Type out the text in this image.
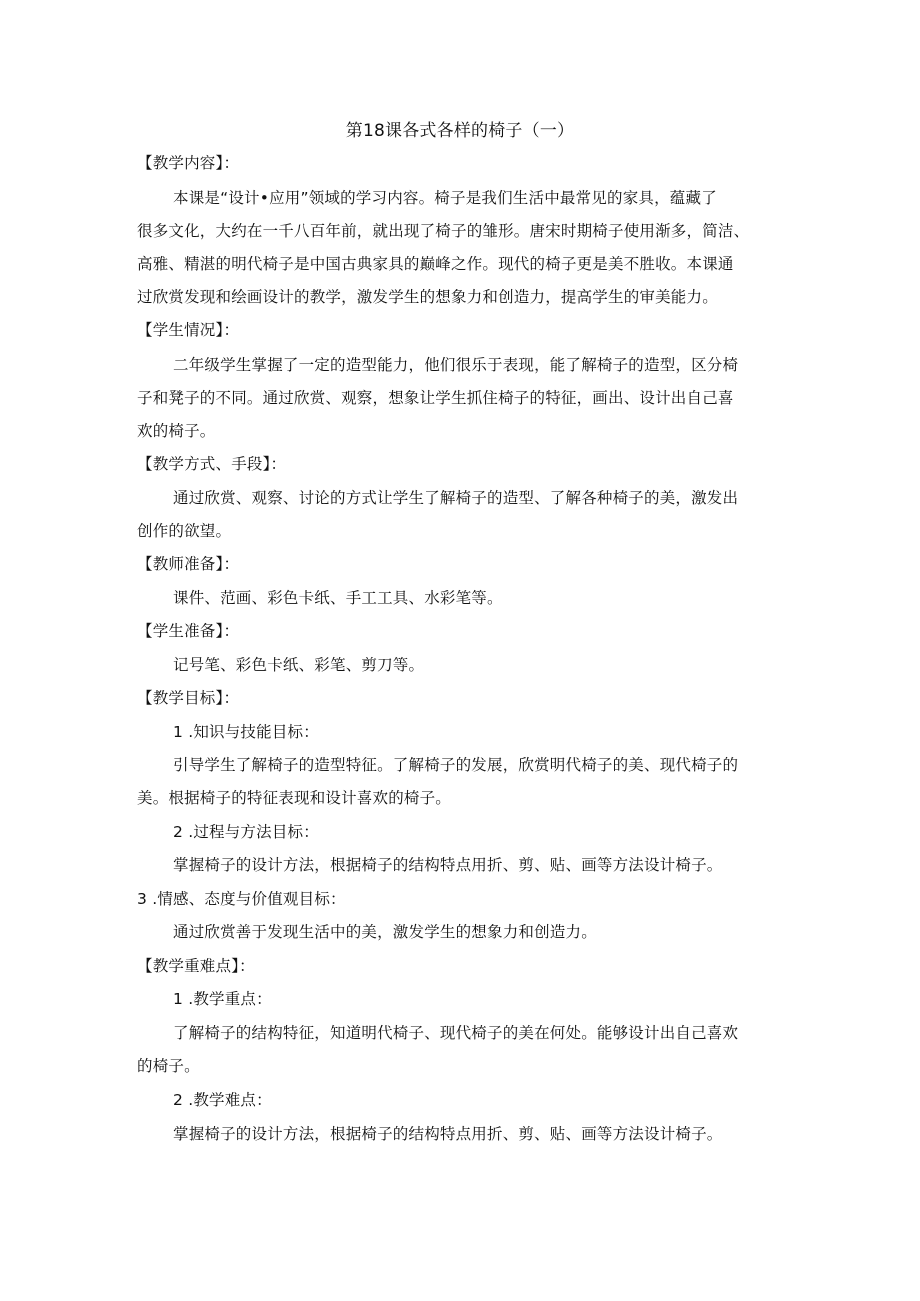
第18课各式各样的椅子（一）
【教学内容】：
本课是“设计•应用”领域的学习内容。椅子是我们生活中最常见的家具，蕴藏了
很多文化，大约在一千八百年前，就出现了椅子的雏形。唐宋时期椅子使用渐多，简洁、
高雅、精湛的明代椅子是中国古典家具的巅峰之作。现代的椅子更是美不胜收。本课通
过欣赏发现和绘画设计的教学，激发学生的想象力和创造力，提高学生的审美能力。
【学生情况】：
二年级学生掌握了一定的造型能力，他们很乐于表现，能了解椅子的造型，区分椅
子和凳子的不同。通过欣赏、观察，想象让学生抓住椅子的特征，画出、设计出自己喜
欢的椅子。
【教学方式、手段】：
通过欣赏、观察、讨论的方式让学生了解椅子的造型、了解各种椅子的美，激发出
创作的欲望。
【教师准备】：
课件、范画、彩色卡纸、手工工具、水彩笔等。
【学生准备】：
记号笔、彩色卡纸、彩笔、剪刀等。
【教学目标】：
1 .知识与技能目标：
引导学生了解椅子的造型特征。了解椅子的发展，欣赏明代椅子的美、现代椅子的
美。根据椅子的特征表现和设计喜欢的椅子。
2 .过程与方法目标：
掌握椅子的设计方法，根据椅子的结构特点用折、剪、贴、画等方法设计椅子。
3 .情感、态度与价值观目标：
通过欣赏善于发现生活中的美，激发学生的想象力和创造力。
【教学重难点】：
1 .教学重点：
了解椅子的结构特征，知道明代椅子、现代椅子的美在何处。能够设计出自己喜欢
的椅子。
2 .教学难点：
掌握椅子的设计方法，根据椅子的结构特点用折、剪、贴、画等方法设计椅子。
